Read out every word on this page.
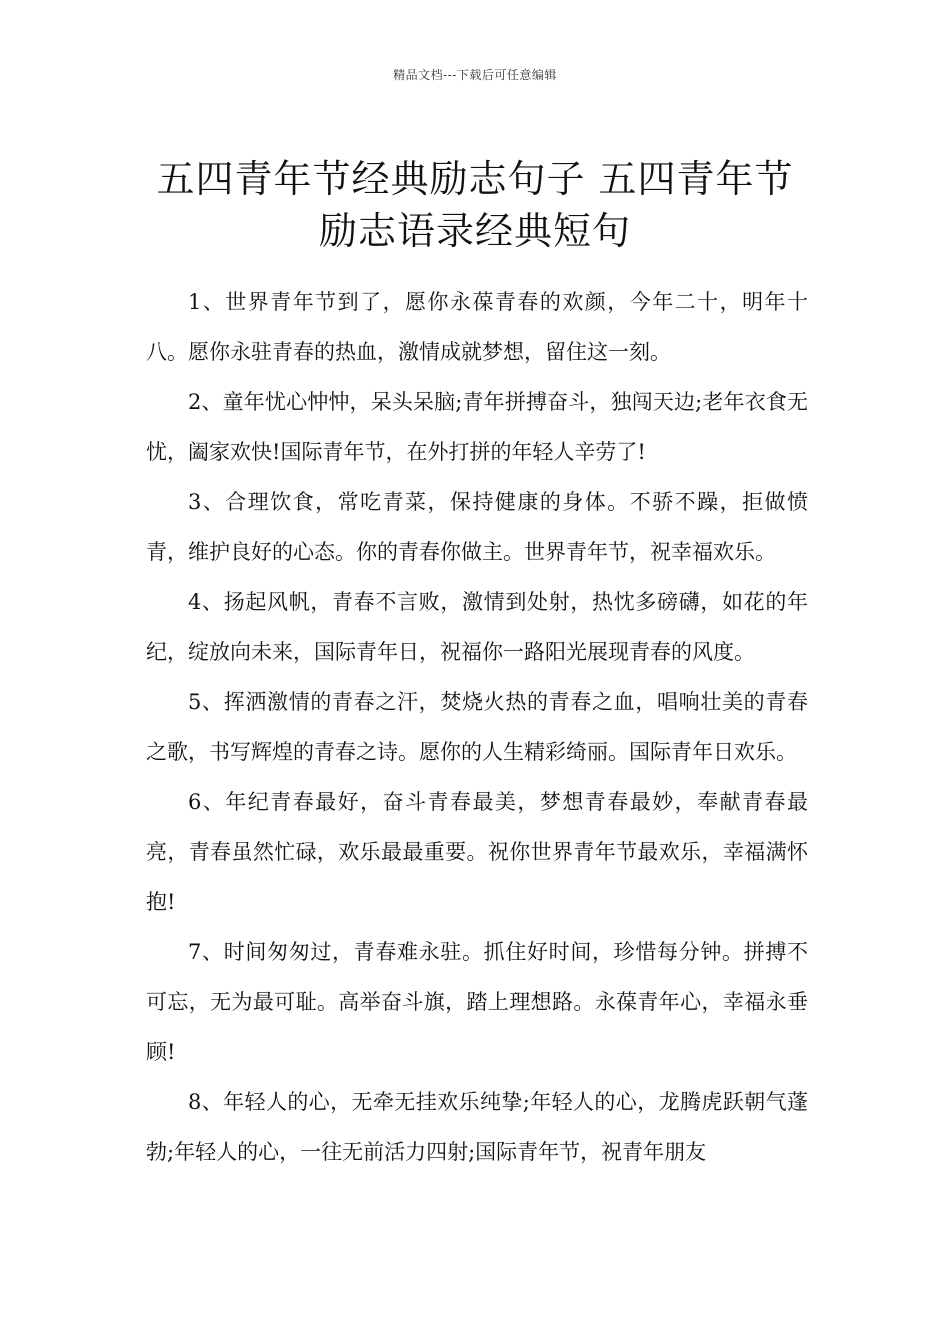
精品文档---下载后可任意编辑
五四青年节经典励志句子 五四青年节
励志语录经典短句

1、世界青年节到了，愿你永葆青春的欢颜，今年二十，明年十八。愿你永驻青春的热血，激情成就梦想，留住这一刻。

2、童年忧心忡忡，呆头呆脑;青年拼搏奋斗，独闯天边;老年衣食无忧，阖家欢快!国际青年节，在外打拼的年轻人辛劳了!

3、合理饮食，常吃青菜，保持健康的身体。不骄不躁，拒做愤青，维护良好的心态。你的青春你做主。世界青年节，祝幸福欢乐。

4、扬起风帆，青春不言败，激情到处射，热忱多磅礴，如花的年纪，绽放向未来，国际青年日，祝福你一路阳光展现青春的风度。

5、挥洒激情的青春之汗，焚烧火热的青春之血，唱响壮美的青春之歌，书写辉煌的青春之诗。愿你的人生精彩绮丽。国际青年日欢乐。

6、年纪青春最好，奋斗青春最美，梦想青春最妙，奉献青春最亮，青春虽然忙碌，欢乐最最重要。祝你世界青年节最欢乐，幸福满怀抱!

7、时间匆匆过，青春难永驻。抓住好时间，珍惜每分钟。拼搏不可忘，无为最可耻。高举奋斗旗，踏上理想路。永葆青年心，幸福永垂顾!

8、年轻人的心，无牵无挂欢乐纯挚;年轻人的心，龙腾虎跃朝气蓬勃;年轻人的心，一往无前活力四射;国际青年节，祝青年朋友
